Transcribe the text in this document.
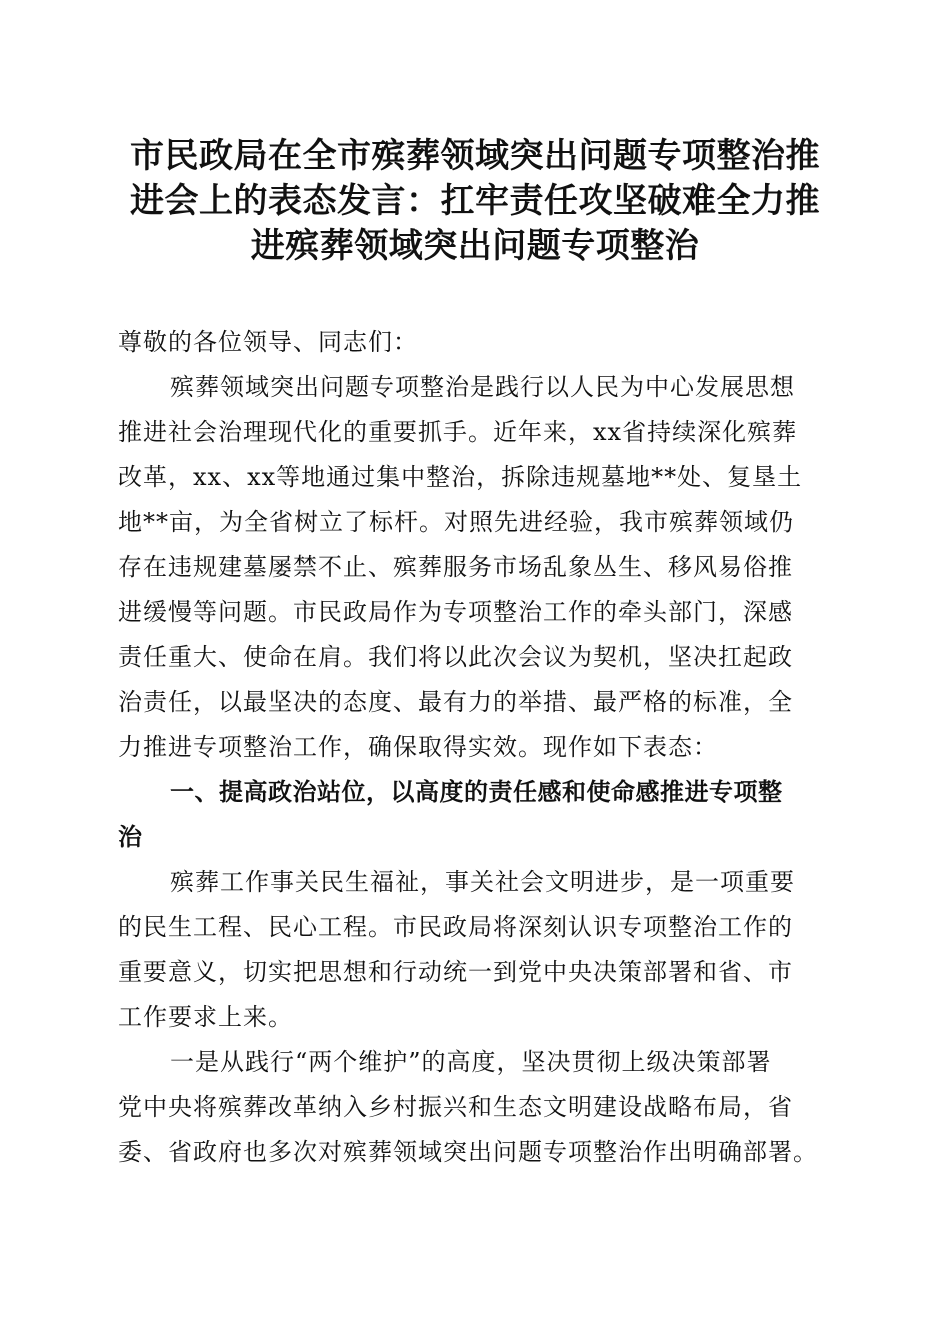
市民政局在全市殡葬领域突出问题专项整治推
进会上的表态发言：扛牢责任攻坚破难全力推
进殡葬领域突出问题专项整治
尊敬的各位领导、同志们：
殡葬领域突出问题专项整治是践行以人民为中心发展思想
推进社会治理现代化的重要抓手。近年来，xx省持续深化殡葬
改革，xx、xx等地通过集中整治，拆除违规墓地**处、复垦土
地**亩，为全省树立了标杆。对照先进经验，我市殡葬领域仍
存在违规建墓屡禁不止、殡葬服务市场乱象丛生、移风易俗推
进缓慢等问题。市民政局作为专项整治工作的牵头部门，深感
责任重大、使命在肩。我们将以此次会议为契机，坚决扛起政
治责任，以最坚决的态度、最有力的举措、最严格的标准，全
力推进专项整治工作，确保取得实效。现作如下表态：
一、提高政治站位，以高度的责任感和使命感推进专项整
治
殡葬工作事关民生福祉，事关社会文明进步，是一项重要
的民生工程、民心工程。市民政局将深刻认识专项整治工作的
重要意义，切实把思想和行动统一到党中央决策部署和省、市
工作要求上来。
一是从践行“两个维护”的高度，坚决贯彻上级决策部署
党中央将殡葬改革纳入乡村振兴和生态文明建设战略布局，省
委、省政府也多次对殡葬领域突出问题专项整治作出明确部署。
